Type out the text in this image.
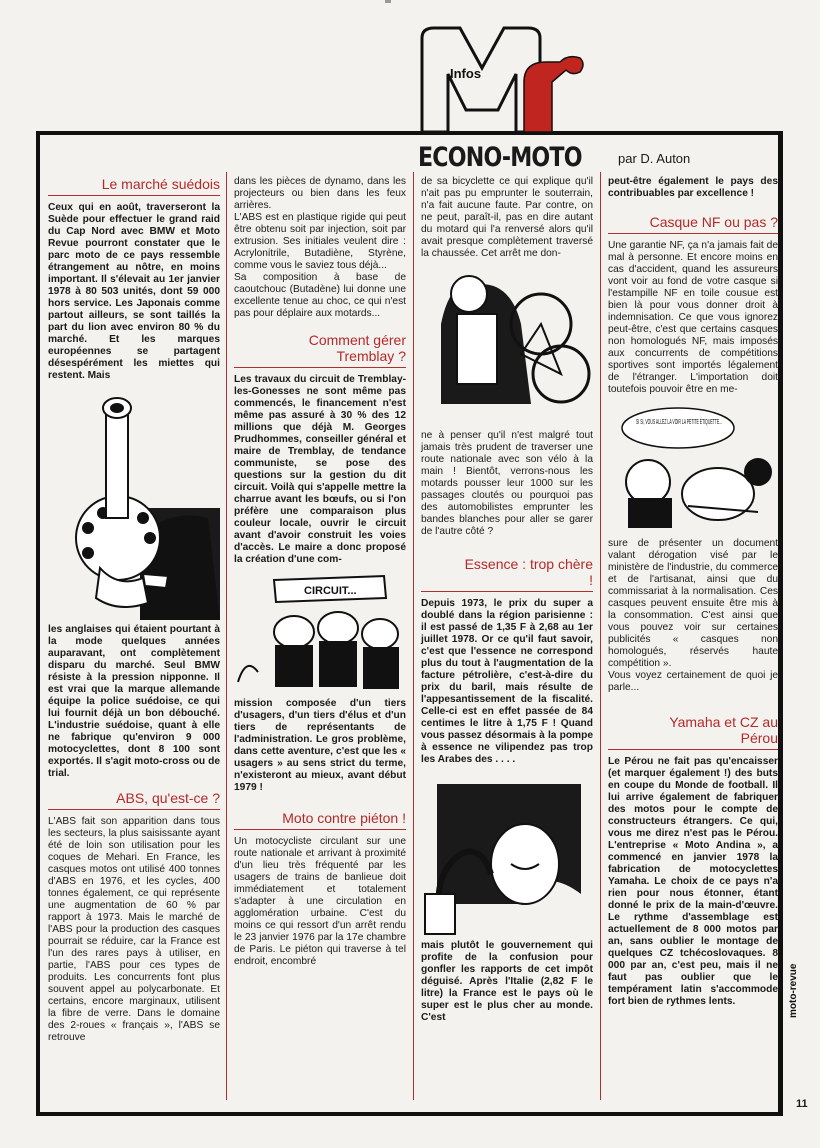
Infos
ECONO-MOTO	par D. Auton
Le marché suédois

Ceux qui en août, traverseront la Suède pour effectuer le grand raid du Cap Nord avec BMW et Moto Revue pourront constater que le parc moto de ce pays ressemble étrangement au nôtre, en moins important. Il s'élevait au 1er janvier 1978 à 80 503 unités, dont 59 000 hors service. Les Japonais comme partout ailleurs, se sont taillés la part du lion avec environ 80 % du marché. Et les marques européennes se partagent désespérément les miettes qui restent. Mais

les anglaises qui étaient pourtant à la mode quelques années auparavant, ont complètement disparu du marché. Seul BMW résiste à la pression nipponne. Il est vrai que la marque allemande équipe la police suédoise, ce qui lui fournit déjà un bon débouché. L'industrie suédoise, quant à elle ne fabrique qu'environ 9 000 motocyclettes, dont 8 100 sont exportés. Il s'agit moto-cross ou de trial.

ABS, qu'est-ce ?

L'ABS fait son apparition dans tous les secteurs, la plus saisissante ayant été de loin son utilisation pour les coques de Mehari. En France, les casques motos ont utilisé 400 tonnes d'ABS en 1976, et les cycles, 400 tonnes également, ce qui représente une augmentation de 60 % par rapport à 1973. Mais le marché de l'ABS pour la production des casques pourrait se réduire, car la France est l'un des rares pays à utiliser, en partie, l'ABS pour ces types de produits. Les concurrents font plus souvent appel au polycarbonate. Et certains, encore marginaux, utilisent la fibre de verre. Dans le domaine des 2-roues « français », l'ABS se retrouve

dans les pièces de dynamo, dans les projecteurs ou bien dans les feux arrières.

L'ABS est en plastique rigide qui peut être obtenu soit par injection, soit par extrusion. Ses initiales veulent dire : Acrylonitrile, Butadiène, Styrène, comme vous le saviez tous déjà...

Sa composition à base de caoutchouc (Butadène) lui donne une excellente tenue au choc, ce qui n'est pas pour déplaire aux motards...

Comment gérer Tremblay ?

Les travaux du circuit de Tremblay-les-Gonesses ne sont même pas commencés, le financement n'est même pas assuré à 30 % des 12 millions que déjà M. Georges Prudhommes, conseiller général et maire de Tremblay, de tendance communiste, se pose des questions sur la gestion du dit circuit. Voilà qui s'appelle mettre la charrue avant les bœufs, ou si l'on préfère une comparaison plus couleur locale, ouvrir le circuit avant d'avoir construit les voies d'accès. Le maire a donc proposé la création d'une com-

CIRCUIT...

mission composée d'un tiers d'usagers, d'un tiers d'élus et d'un tiers de représentants de l'administration. Le gros problème, dans cette aventure, c'est que les « usagers » au sens strict du terme, n'existeront au mieux, avant début 1979 !

Moto contre piéton !

Un motocycliste circulant sur une route nationale et arrivant à proximité d'un lieu très fréquenté par les usagers de trains de banlieue doit immédiatement et totalement s'adapter à une circulation en agglomération urbaine. C'est du moins ce qui ressort d'un arrêt rendu le 23 janvier 1976 par la 17e chambre de Paris. Le piéton qui traverse à tel endroit, encombré

de sa bicyclette ce qui explique qu'il n'ait pas pu emprunter le souterrain, n'a fait aucune faute. Par contre, on ne peut, paraît-il, pas en dire autant du motard qui l'a renversé alors qu'il avait presque complètement traversé la chaussée. Cet arrêt me don-

ne à penser qu'il n'est malgré tout jamais très prudent de traverser une route nationale avec son vélo à la main ! Bientôt, verrons-nous les motards pousser leur 1000 sur les passages cloutés ou pourquoi pas des automobilistes emprunter les bandes blanches pour aller se garer de l'autre côté ?

Essence : trop chère !

Depuis 1973, le prix du super a doublé dans la région parisienne : il est passé de 1,35 F à 2,68 au 1er juillet 1978. Or ce qu'il faut savoir, c'est que l'essence ne correspond plus du tout à l'augmentation de la facture pétrolière, c'est-à-dire du prix du baril, mais résulte de l'appesantissement de la fiscalité. Celle-ci est en effet passée de 84 centimes le litre à 1,75 F ! Quand vous passez désormais à la pompe à essence ne vilipendez pas trop les Arabes des . . . .

mais plutôt le gouvernement qui profite de la confusion pour gonfler les rapports de cet impôt déguisé. Après l'Italie (2,82 F le litre) la France est le pays où le super est le plus cher au monde. C'est

peut-être également le pays des contribuables par excellence !

Casque NF ou pas ?

Une garantie NF, ça n'a jamais fait de mal à personne. Et encore moins en cas d'accident, quand les assureurs vont voir au fond de votre casque si l'estampille NF en toile cousue est bien là pour vous donner droit à indemnisation. Ce que vous ignorez peut-être, c'est que certains casques non homologués NF, mais imposés aux concurrents de compétitions sportives sont importés légalement de l'étranger. L'importation doit toutefois pouvoir être en me-

sure de présenter un document valant dérogation visé par le ministère de l'industrie, du commerce et de l'artisanat, ainsi que du commissariat à la normalisation. Ces casques peuvent ensuite être mis à la consommation. C'est ainsi que vous pouvez voir sur certaines publicités « casques non homologués, réservés haute compétition ».

Vous voyez certainement de quoi je parle...

Yamaha et CZ au Pérou

Le Pérou ne fait pas qu'encaisser (et marquer également !) des buts en coupe du Monde de football. Il lui arrive également de fabriquer des motos pour le compte de constructeurs étrangers. Ce qui, vous me direz n'est pas le Pérou. L'entreprise « Moto Andina », a commencé en janvier 1978 la fabrication de motocyclettes Yamaha. Le choix de ce pays n'a rien pour nous étonner, étant donné le prix de la main-d'œuvre. Le rythme d'assemblage est actuellement de 8 000 motos par an, sans oublier le montage de quelques CZ tchécoslovaques. 8 000 par an, c'est peu, mais il ne faut pas oublier que le tempérament latin s'accommode fort bien de rythmes lents.	moto-revue
11
